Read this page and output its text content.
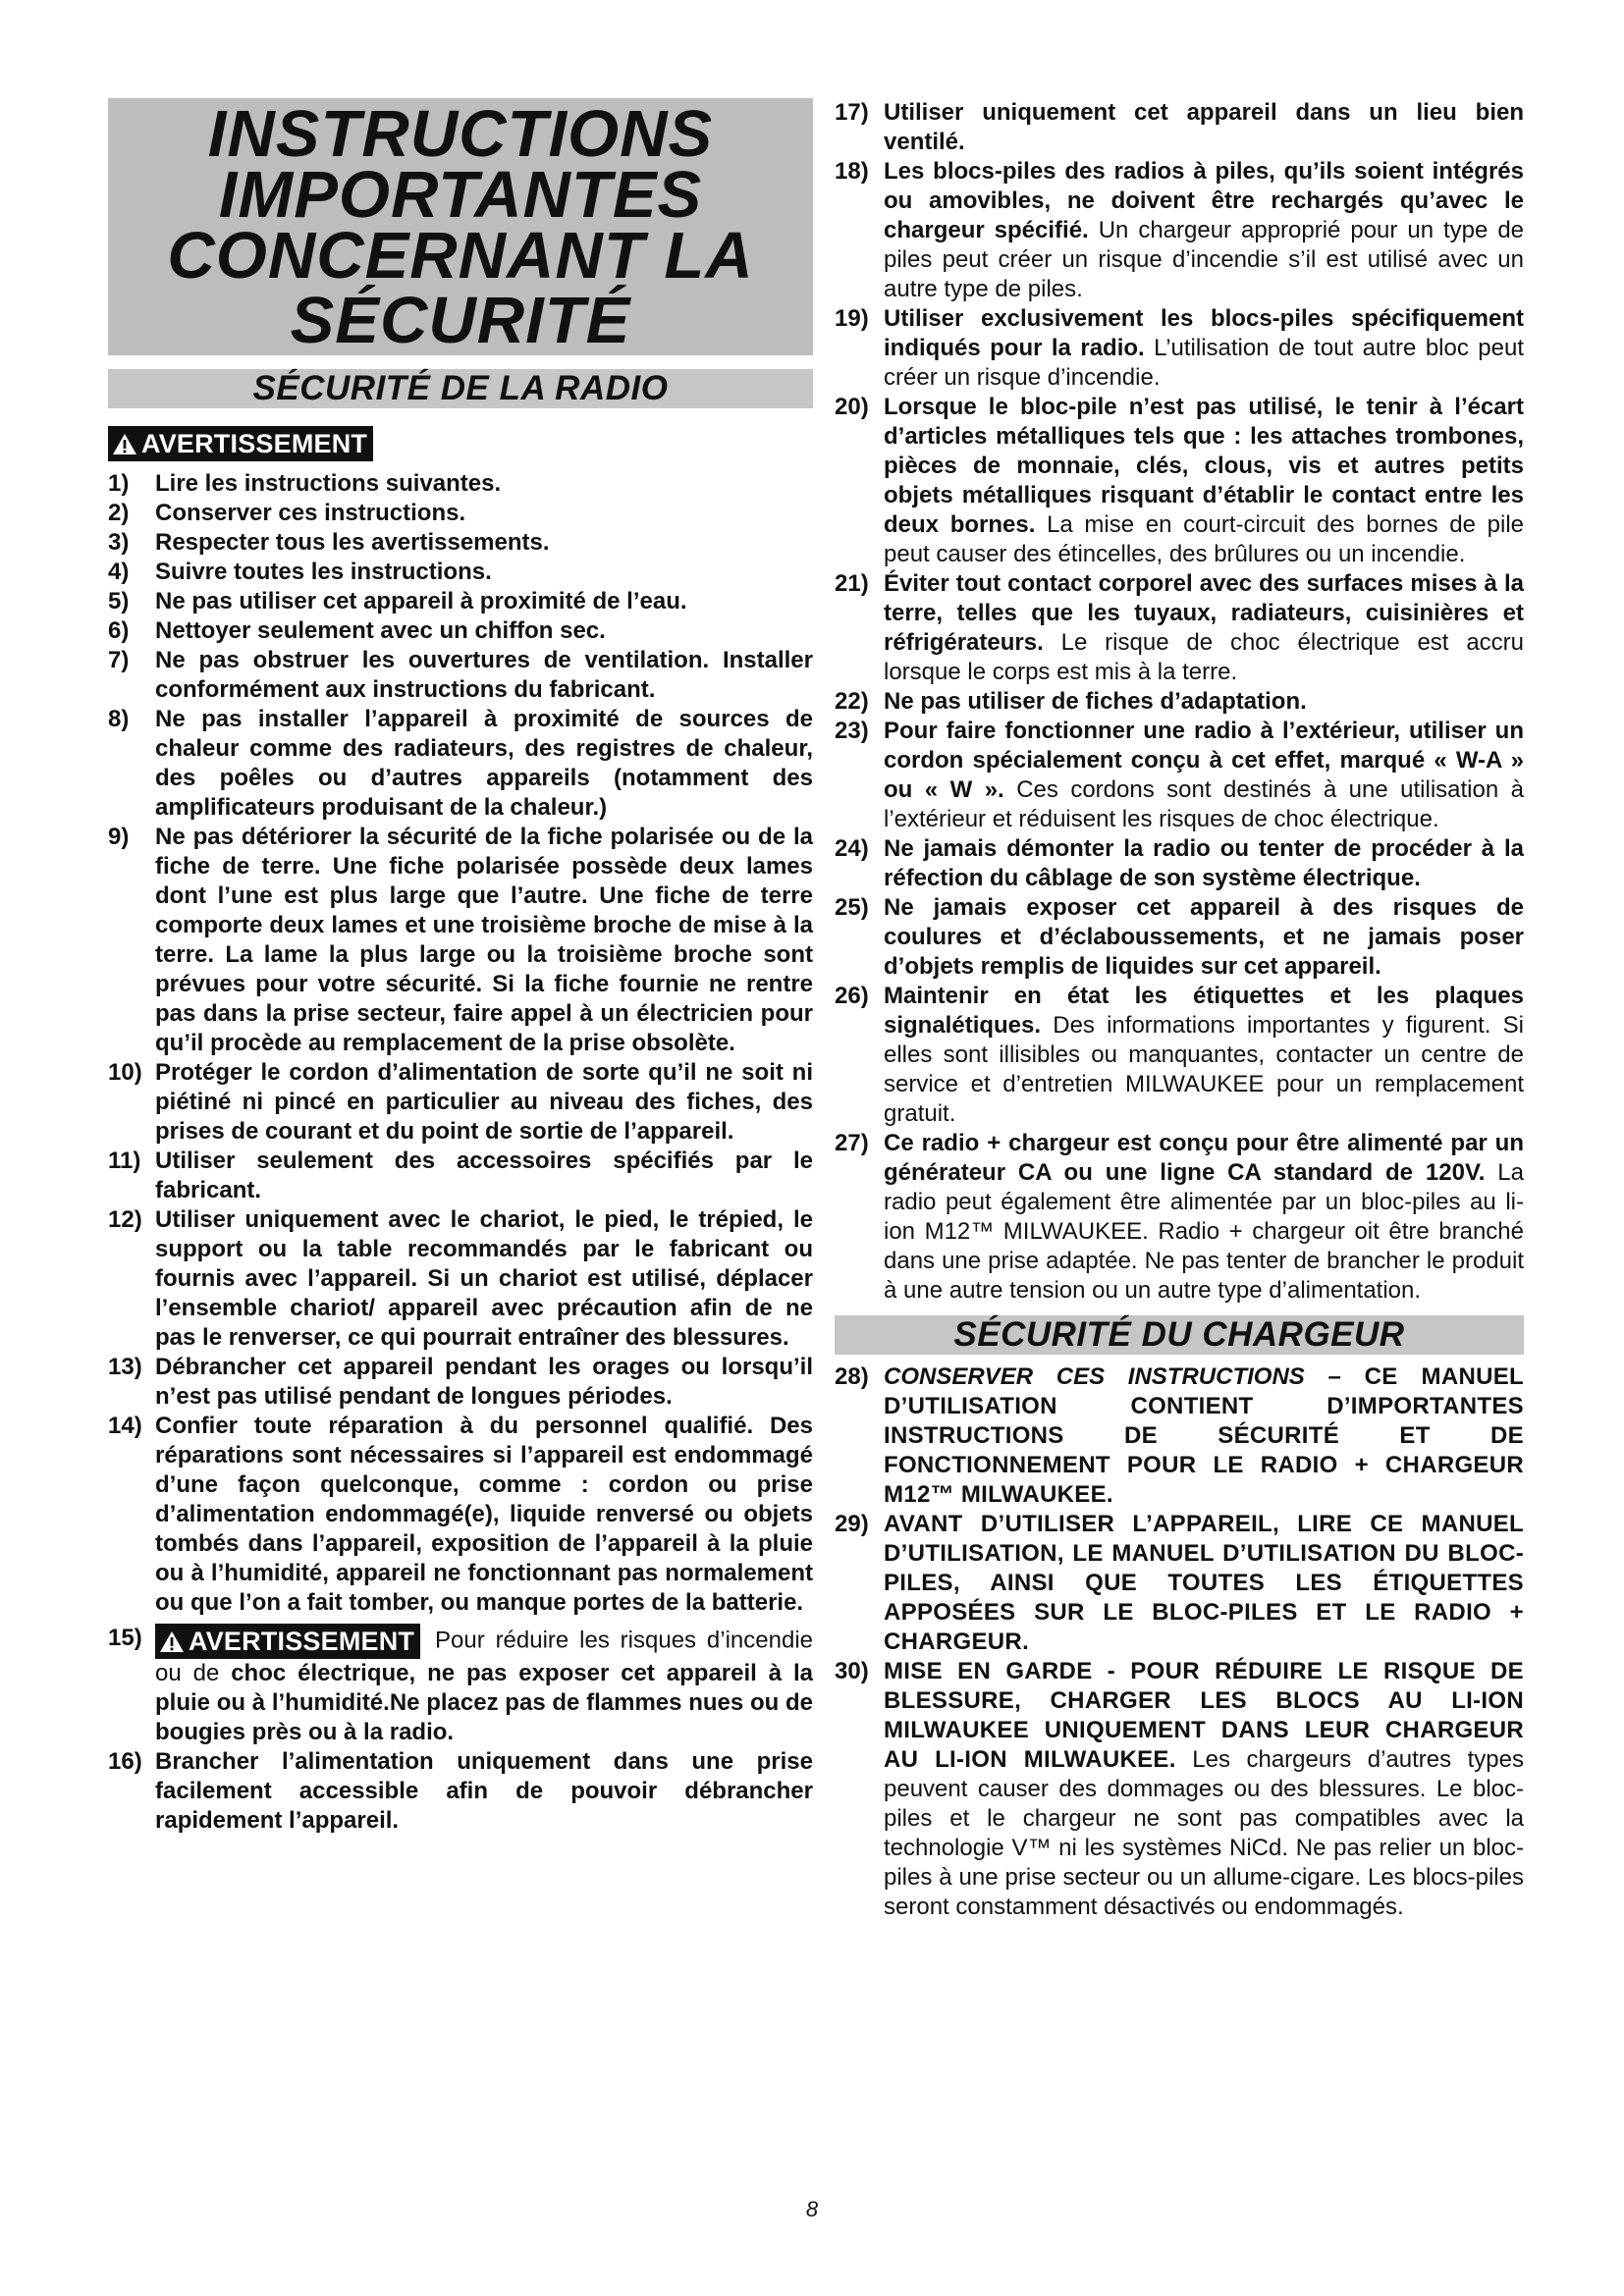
INSTRUCTIONS
IMPORTANTES
CONCERNANT LA
SÉCURITÉ
SÉCURITÉ DE LA RADIO
AVERTISSEMENT
1) Lire les instructions suivantes.
2) Conserver ces instructions.
3) Respecter tous les avertissements.
4) Suivre toutes les instructions.
5) Ne pas utiliser cet appareil à proximité de l’eau.
6) Nettoyer seulement avec un chiffon sec.
7) Ne pas obstruer les ouvertures de ventilation. Installer conformément aux instructions du fabricant.
8) Ne pas installer l’appareil à proximité de sources de chaleur comme des radiateurs, des registres de chaleur, des poêles ou d’autres appareils (notamment des amplificateurs produisant de la chaleur.)
9) Ne pas détériorer la sécurité de la fiche polarisée ou de la fiche de terre. Une fiche polarisée possède deux lames dont l’une est plus large que l’autre. Une fiche de terre comporte deux lames et une troisième broche de mise à la terre. La lame la plus large ou la troisième broche sont prévues pour votre sécurité. Si la fiche fournie ne rentre pas dans la prise secteur, faire appel à un électricien pour qu’il procède au remplacement de la prise obsolète.
10) Protéger le cordon d’alimentation de sorte qu’il ne soit ni piétiné ni pincé en particulier au niveau des fiches, des prises de courant et du point de sortie de l’appareil.
11) Utiliser seulement des accessoires spécifiés par le fabricant.
12) Utiliser uniquement avec le chariot, le pied, le trépied, le support ou la table recommandés par le fabricant ou fournis avec l’appareil. Si un chariot est utilisé, déplacer l’ensemble chariot/ appareil avec précaution afin de ne pas le renverser, ce qui pourrait entraîner des blessures.
13) Débrancher cet appareil pendant les orages ou lorsqu’il n’est pas utilisé pendant de longues périodes.
14) Confier toute réparation à du personnel qualifié. Des réparations sont nécessaires si l’appareil est endommagé d’une façon quelconque, comme : cordon ou prise d’alimentation endommagé(e), liquide renversé ou objets tombés dans l’appareil, exposition de l’appareil à la pluie ou à l’humidité, appareil ne fonctionnant pas normalement ou que l’on a fait tomber, ou manque portes de la batterie.
15) AVERTISSEMENT Pour réduire les risques d’incendie ou de choc électrique, ne pas exposer cet appareil à la pluie ou à l’humidité.Ne placez pas de flammes nues ou de bougies près ou à la radio.
16) Brancher l’alimentation uniquement dans une prise facilement accessible afin de pouvoir débrancher rapidement l’appareil.
17) Utiliser uniquement cet appareil dans un lieu bien ventilé.
18) Les blocs-piles des radios à piles, qu’ils soient intégrés ou amovibles, ne doivent être rechargés qu’avec le chargeur spécifié. Un chargeur approprié pour un type de piles peut créer un risque d’incendie s’il est utilisé avec un autre type de piles.
19) Utiliser exclusivement les blocs-piles spécifiquement indiqués pour la radio. L’utilisation de tout autre bloc peut créer un risque d’incendie.
20) Lorsque le bloc-pile n’est pas utilisé, le tenir à l’écart d’articles métalliques tels que : les attaches trombones, pièces de monnaie, clés, clous, vis et autres petits objets métalliques risquant d’établir le contact entre les deux bornes. La mise en court-circuit des bornes de pile peut causer des étincelles, des brûlures ou un incendie.
21) Éviter tout contact corporel avec des surfaces mises à la terre, telles que les tuyaux, radiateurs, cuisinières et réfrigérateurs. Le risque de choc électrique est accru lorsque le corps est mis à la terre.
22) Ne pas utiliser de fiches d’adaptation.
23) Pour faire fonctionner une radio à l’extérieur, utiliser un cordon spécialement conçu à cet effet, marqué « W-A » ou « W ». Ces cordons sont destinés à une utilisation à l’extérieur et réduisent les risques de choc électrique.
24) Ne jamais démonter la radio ou tenter de procéder à la réfection du câblage de son système électrique.
25) Ne jamais exposer cet appareil à des risques de coulures et d’éclaboussements, et ne jamais poser d’objets remplis de liquides sur cet appareil.
26) Maintenir en état les étiquettes et les plaques signalétiques. Des informations importantes y figurent. Si elles sont illisibles ou manquantes, contacter un centre de service et d’entretien MILWAUKEE pour un remplacement gratuit.
27) Ce radio + chargeur est conçu pour être alimenté par un générateur CA ou une ligne CA standard de 120V. La radio peut également être alimentée par un bloc-piles au li-ion M12™ MILWAUKEE. Radio + chargeur oit être branché dans une prise adaptée. Ne pas tenter de brancher le produit à une autre tension ou un autre type d’alimentation.
SÉCURITÉ DU CHARGEUR
28) CONSERVER CES INSTRUCTIONS – CE MANUEL D’UTILISATION CONTIENT D’IMPORTANTES INSTRUCTIONS DE SÉCURITÉ ET DE FONCTIONNEMENT POUR LE RADIO + CHARGEUR M12™ MILWAUKEE.
29) AVANT D’UTILISER L’APPAREIL, LIRE CE MANUEL D’UTILISATION, LE MANUEL D’UTILISATION DU BLOC-PILES, AINSI QUE TOUTES LES ÉTIQUETTES APPOSÉES SUR LE BLOC-PILES ET LE RADIO + CHARGEUR.
30) MISE EN GARDE - POUR RÉDUIRE LE RISQUE DE BLESSURE, CHARGER LES BLOCS AU LI-ION MILWAUKEE UNIQUEMENT DANS LEUR CHARGEUR AU LI-ION MILWAUKEE. Les chargeurs d’autres types peuvent causer des dommages ou des blessures. Le bloc-piles et le chargeur ne sont pas compatibles avec la technologie V™ ni les systèmes NiCd. Ne pas relier un bloc-piles à une prise secteur ou un allume-cigare. Les blocs-piles seront constamment désactivés ou endommagés.
8
